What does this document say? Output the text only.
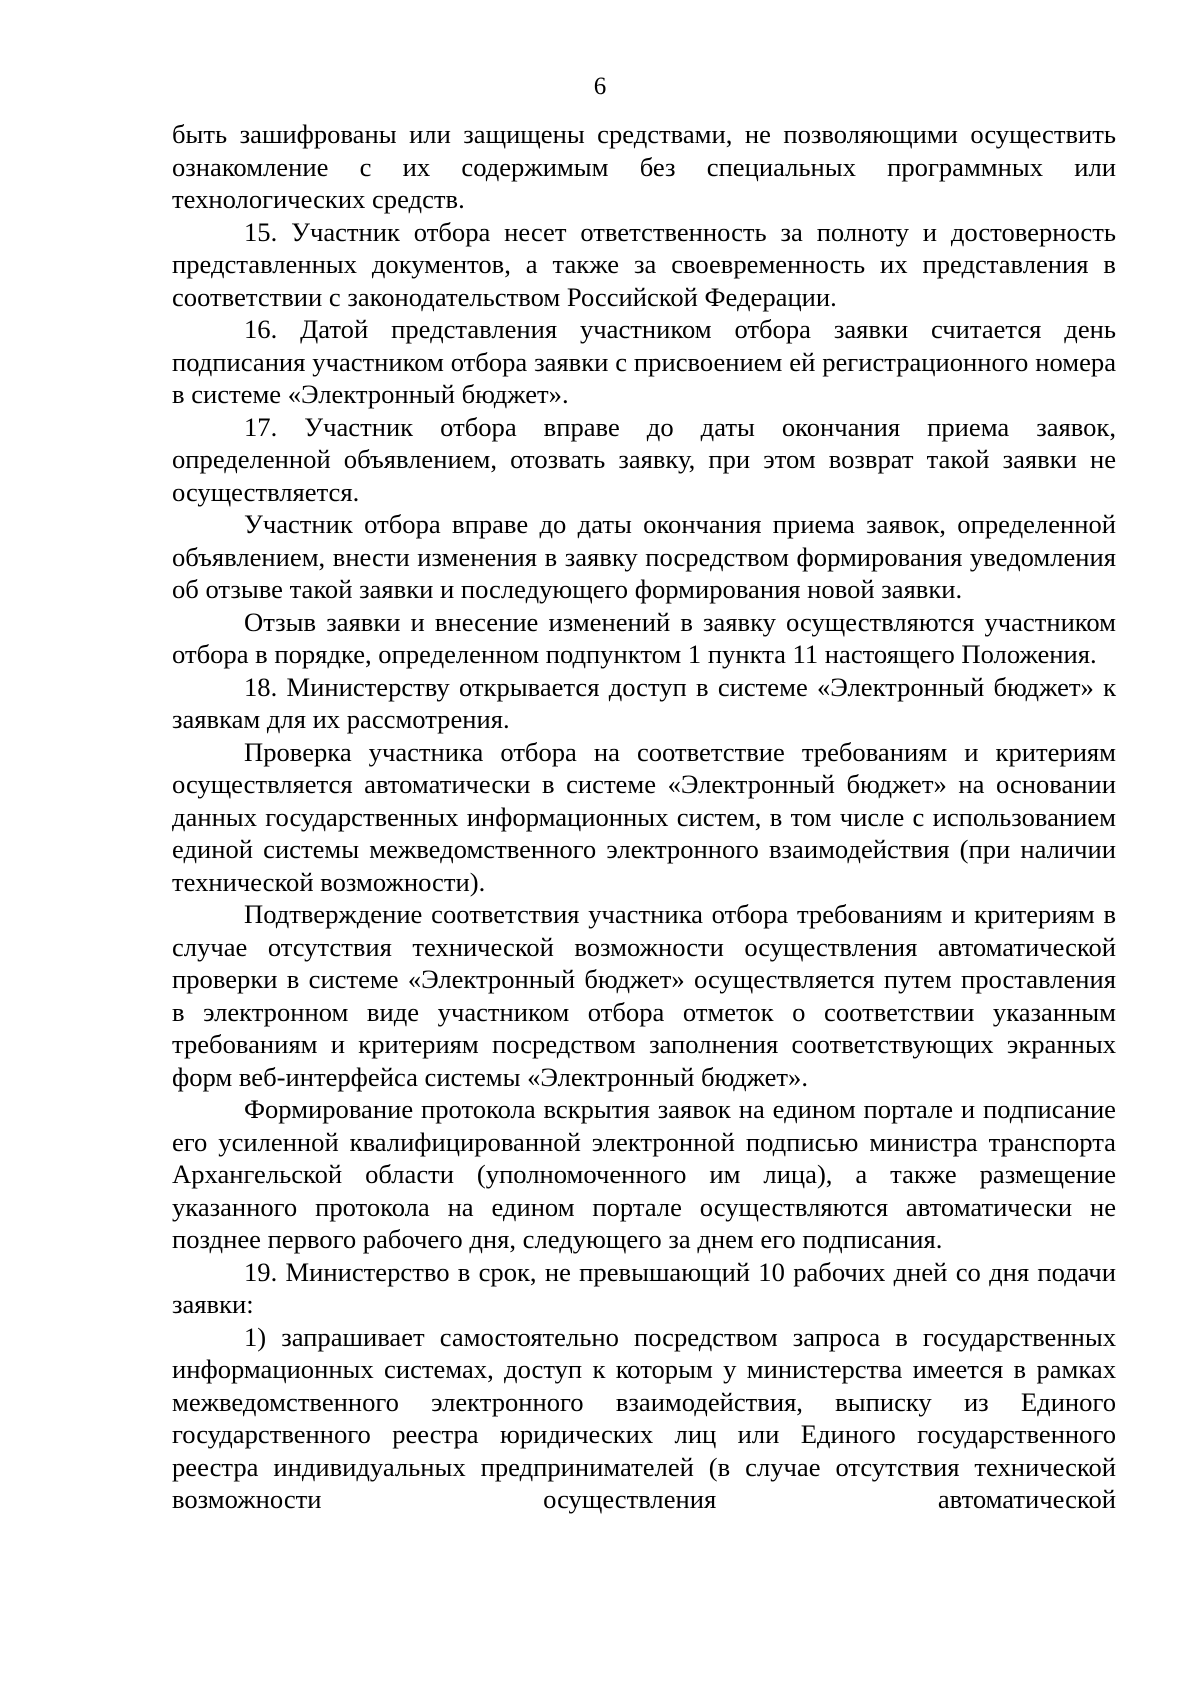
6

быть зашифрованы или защищены средствами, не позволяющими осуществить ознакомление с их содержимым без специальных программных или технологических средств.

15. Участник отбора несет ответственность за полноту и достоверность представленных документов, а также за своевременность их представления в соответствии с законодательством Российской Федерации.

16. Датой представления участником отбора заявки считается день подписания участником отбора заявки с присвоением ей регистрационного номера в системе «Электронный бюджет».

17. Участник отбора вправе до даты окончания приема заявок, определенной объявлением, отозвать заявку, при этом возврат такой заявки не осуществляется.

Участник отбора вправе до даты окончания приема заявок, определенной объявлением, внести изменения в заявку посредством формирования уведомления об отзыве такой заявки и последующего формирования новой заявки.

Отзыв заявки и внесение изменений в заявку осуществляются участником отбора в порядке, определенном подпунктом 1 пункта 11 настоящего Положения.

18. Министерству открывается доступ в системе «Электронный бюджет» к заявкам для их рассмотрения.

Проверка участника отбора на соответствие требованиям и критериям осуществляется автоматически в системе «Электронный бюджет» на основании данных государственных информационных систем, в том числе с использованием единой системы межведомственного электронного взаимодействия (при наличии технической возможности).

Подтверждение соответствия участника отбора требованиям и критериям в случае отсутствия технической возможности осуществления автоматической проверки в системе «Электронный бюджет» осуществляется путем проставления в электронном виде участником отбора отметок о соответствии указанным требованиям и критериям посредством заполнения соответствующих экранных форм веб-интерфейса системы «Электронный бюджет».

Формирование протокола вскрытия заявок на едином портале и подписание его усиленной квалифицированной электронной подписью министра транспорта Архангельской области (уполномоченного им лица), а также размещение указанного протокола на едином портале осуществляются автоматически не позднее первого рабочего дня, следующего за днем его подписания.

19. Министерство в срок, не превышающий 10 рабочих дней со дня подачи заявки:

1) запрашивает самостоятельно посредством запроса в государственных информационных системах, доступ к которым у министерства имеется в рамках межведомственного электронного взаимодействия, выписку из Единого государственного реестра юридических лиц или Единого государственного реестра индивидуальных предпринимателей (в случае отсутствия технической возможности осуществления автоматической
